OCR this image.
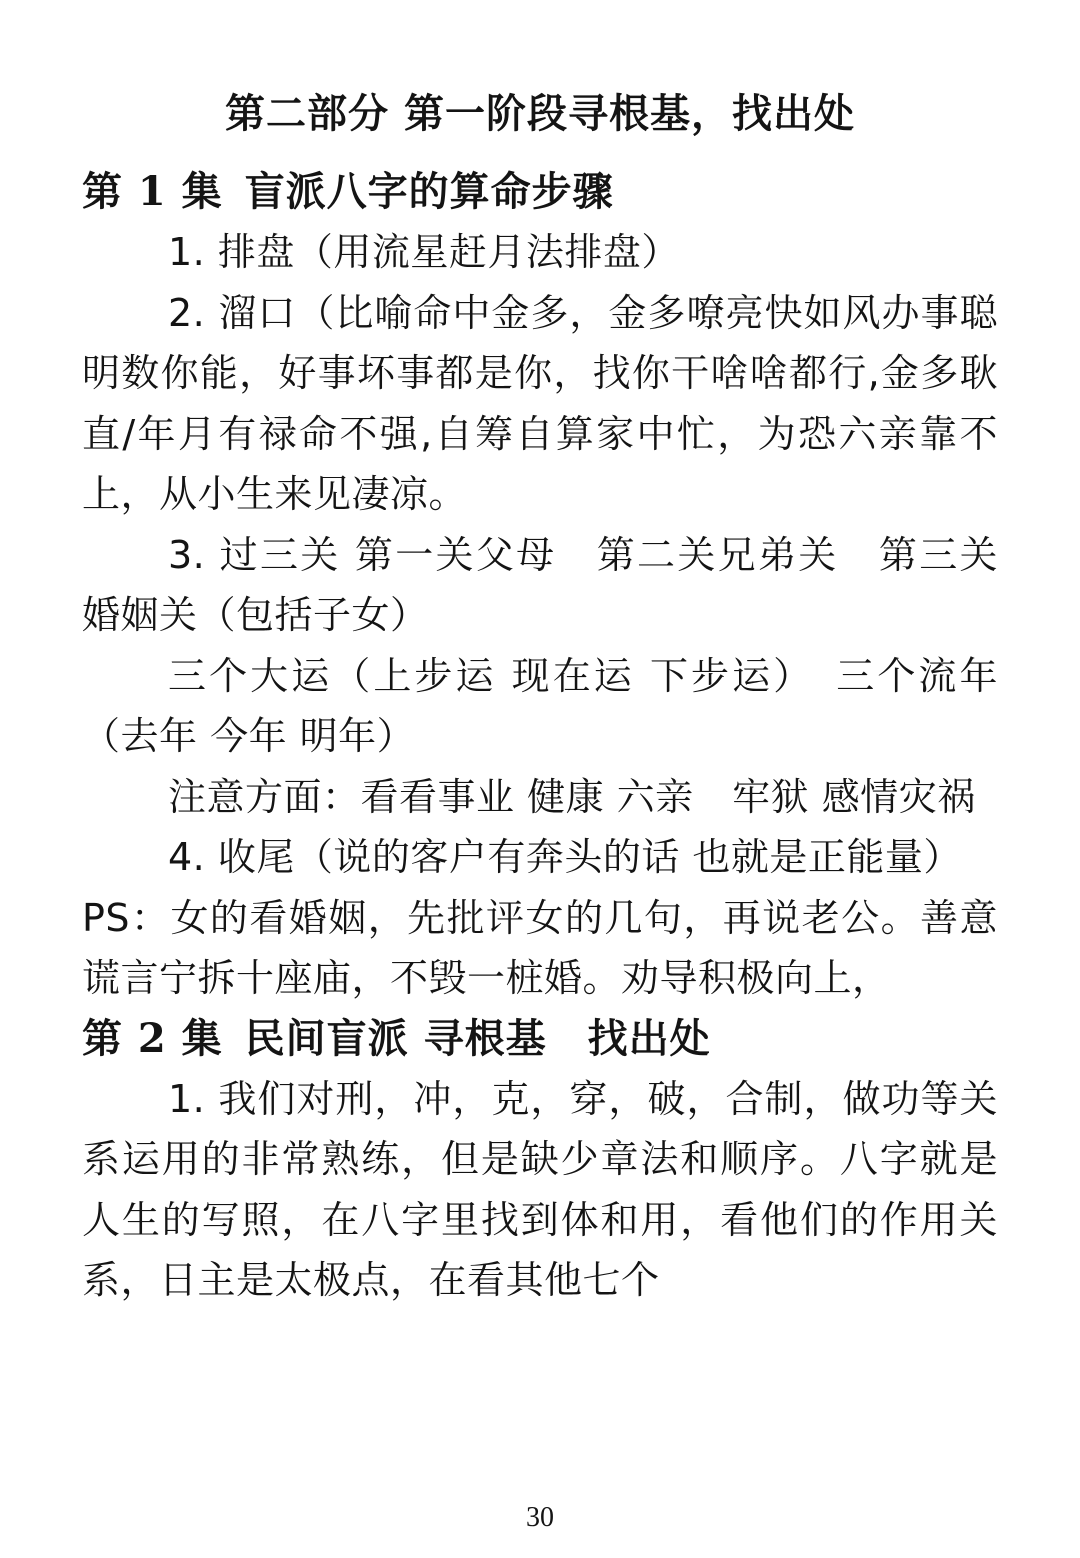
第二部分 第一阶段寻根基，找出处
第 1 集 盲派八字的算命步骤

1. 排盘（用流星赶月法排盘）

2. 溜口（比喻命中金多，金多嘹亮快如风办事聪明数你能，好事坏事都是你，找你干啥啥都行,金多耿直/年月有禄命不强,自筹自算家中忙，为恐六亲靠不上，从小生来见凄凉。

3. 过三关 第一关父母　第二关兄弟关　第三关婚姻关（包括子女）

三个大运（上步运 现在运 下步运）　三个流年（去年 今年 明年）

注意方面：看看事业 健康 六亲　牢狱 感情灾祸

4. 收尾（说的客户有奔头的话 也就是正能量）

PS：女的看婚姻，先批评女的几句，再说老公。善意谎言宁拆十座庙，不毁一桩婚。劝导积极向上，

第 2 集 民间盲派 寻根基　找出处

1. 我们对刑，冲，克，穿，破，合制，做功等关系运用的非常熟练，但是缺少章法和顺序。八字就是人生的写照，在八字里找到体和用，看他们的作用关系，日主是太极点，在看其他七个

30
